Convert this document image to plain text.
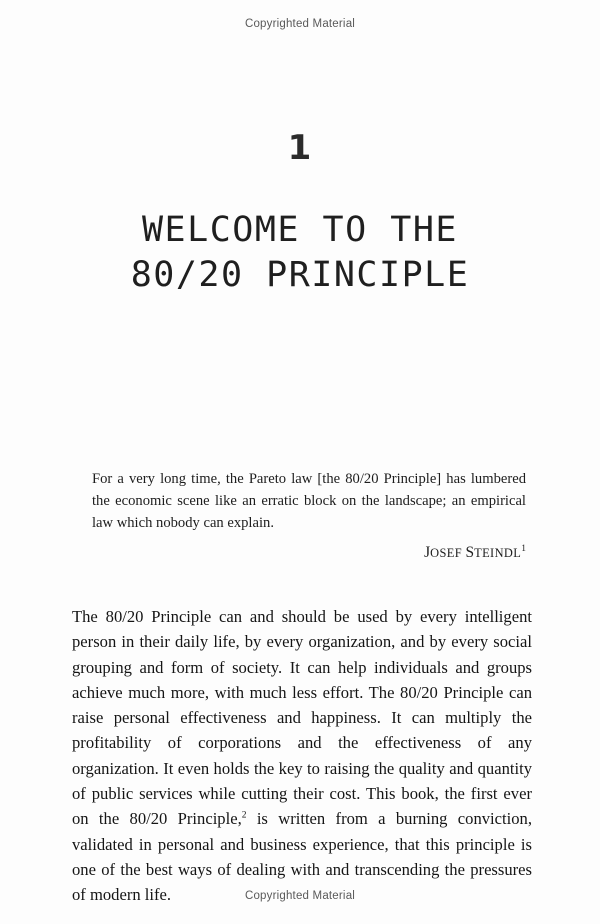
Copyrighted Material
1
WELCOME TO THE
80/20 PRINCIPLE
For a very long time, the Pareto law [the 80/20 Principle] has lumbered the economic scene like an erratic block on the landscape; an empirical law which nobody can explain.
JOSEF STEINDL$^1$

The 80/20 Principle can and should be used by every intelligent person in their daily life, by every organization, and by every social grouping and form of society. It can help individuals and groups achieve much more, with much less effort. The 80/20 Principle can raise personal effectiveness and happiness. It can multiply the profitability of corporations and the effectiveness of any organization. It even holds the key to raising the quality and quantity of public services while cutting their cost. This book, the first ever on the 80/20 Principle,$^2$ is written from a burning conviction, validated in personal and business experience, that this principle is one of the best ways of dealing with and transcending the pressures of modern life.	Copyrighted Material
